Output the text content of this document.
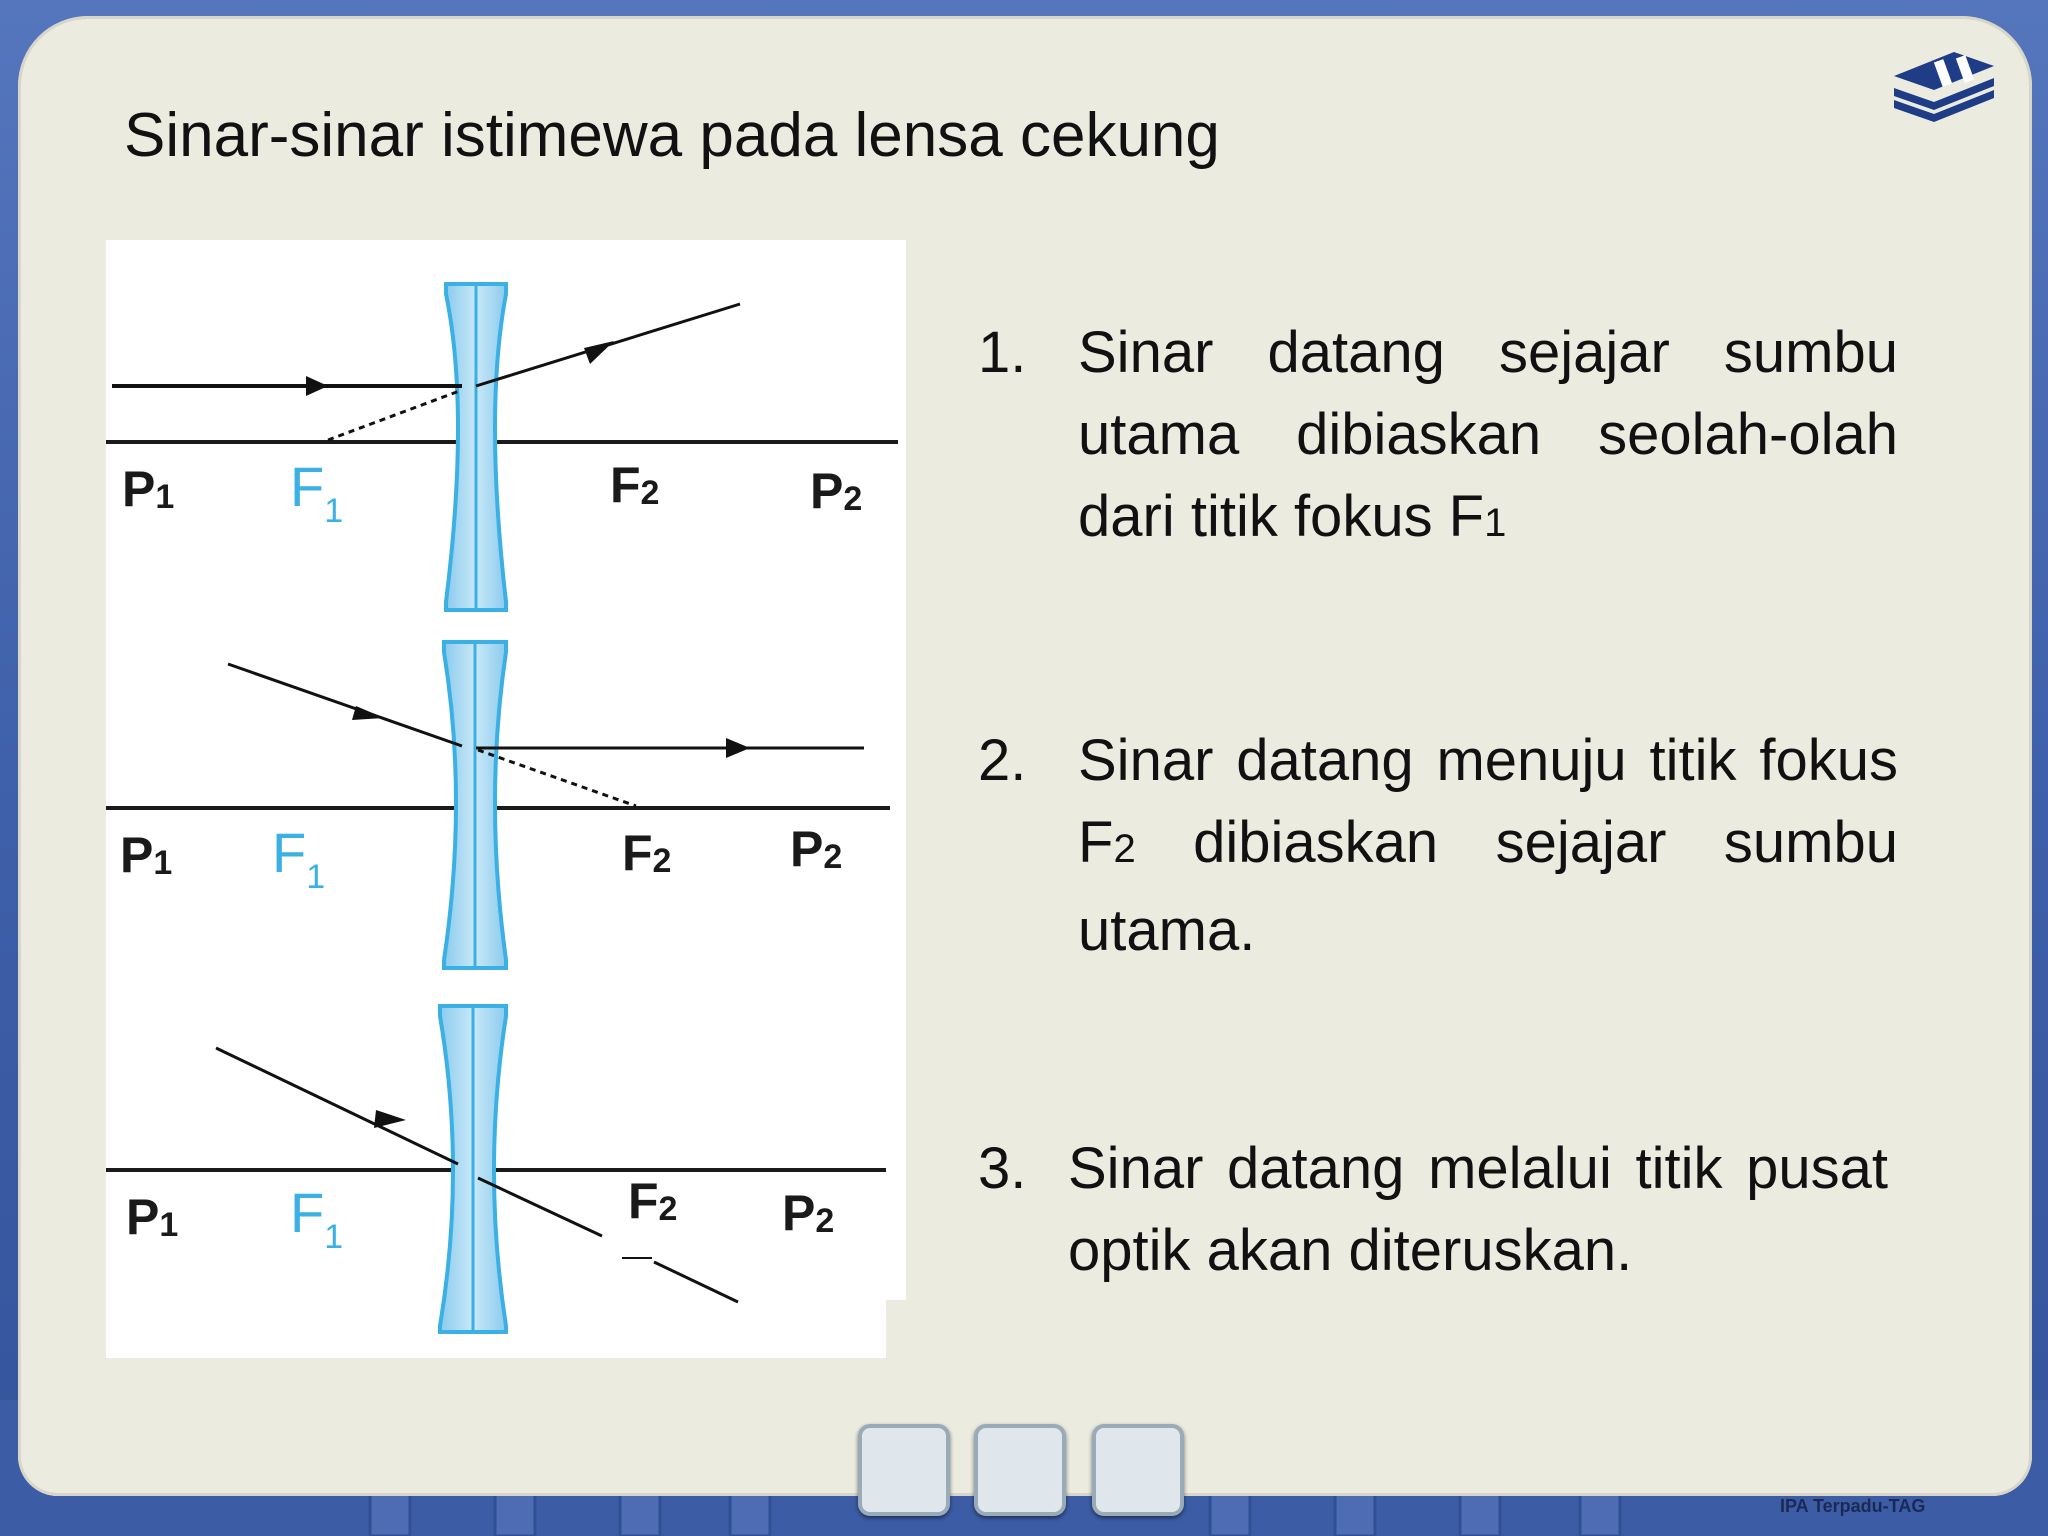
Sinar-sinar istimewa pada lensa cekung
$P_1$ $F_1$	$F_2$	$P_2$
$P_1$ $F_1$	$F_2$ $P_2$
$P_1$ $F_1$
$F_2$ $P_2$
1. Sinar datang sejajar sumbu utama dibiaskan seolah-olah dari titik fokus F1
2. Sinar datang menuju titik fokus F2 dibiaskan sejajar sumbu utama.
3. Sinar datang melalui titik pusat optik akan diteruskan.
IPA Terpadu-TAG
